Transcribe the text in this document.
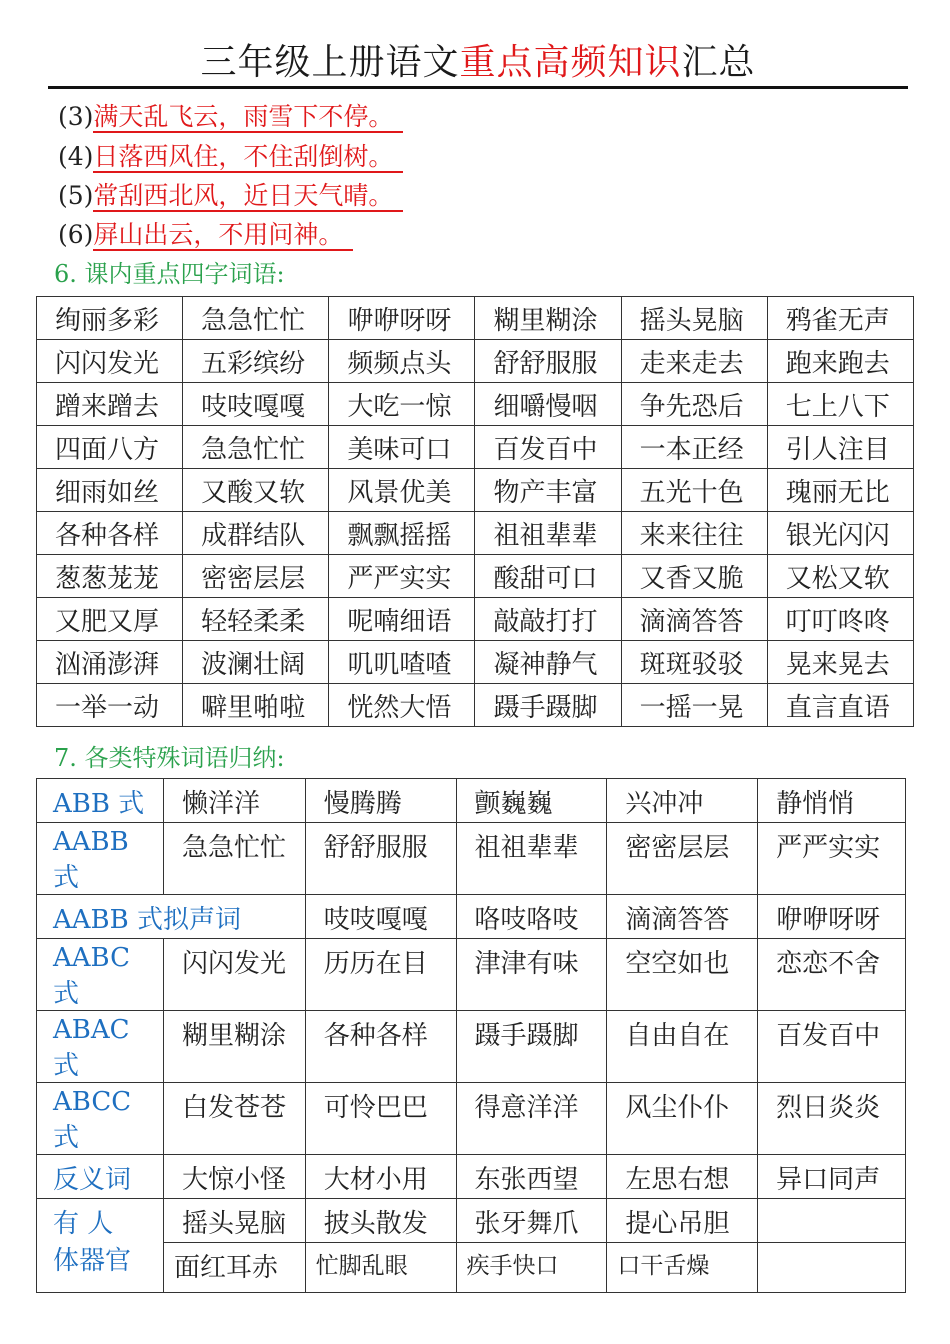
三年级上册语文重点高频知识汇总
(3)满天乱飞云，雨雪下不停。
(4)日落西风住，不住刮倒树。
(5)常刮西北风，近日天气晴。
(6)屏山出云，不用问神。
6. 课内重点四字词语:
绚丽多彩	急急忙忙	咿咿呀呀	糊里糊涂	摇头晃脑	鸦雀无声
闪闪发光	五彩缤纷	频频点头	舒舒服服	走来走去	跑来跑去
蹭来蹭去	吱吱嘎嘎	大吃一惊	细嚼慢咽	争先恐后	七上八下
四面八方	急急忙忙	美味可口	百发百中	一本正经	引人注目
细雨如丝	又酸又软	风景优美	物产丰富	五光十色	瑰丽无比
各种各样	成群结队	飘飘摇摇	祖祖辈辈	来来往往	银光闪闪
葱葱茏茏	密密层层	严严实实	酸甜可口	又香又脆	又松又软
又肥又厚	轻轻柔柔	呢喃细语	敲敲打打	滴滴答答	叮叮咚咚
汹涌澎湃	波澜壮阔	叽叽喳喳	凝神静气	斑斑驳驳	晃来晃去
一举一动	噼里啪啦	恍然大悟	蹑手蹑脚	一摇一晃	直言直语
7. 各类特殊词语归纳:
ABB 式	懒洋洋	慢腾腾	颤巍巍	兴冲冲	静悄悄
AABB 式	急急忙忙	舒舒服服	祖祖辈辈	密密层层	严严实实
AABB 式拟声词		吱吱嘎嘎	咯吱咯吱	滴滴答答	咿咿呀呀
AABC 式	闪闪发光	历历在目	津津有味	空空如也	恋恋不舍
ABAC 式	糊里糊涂	各种各样	蹑手蹑脚	自由自在	百发百中
ABCC 式	白发苍苍	可怜巴巴	得意洋洋	风尘仆仆	烈日炎炎
反义词	大惊小怪	大材小用	东张西望	左思右想	异口同声
有 人 体器官	摇头晃脑	披头散发	张牙舞爪	提心吊胆	
	面红耳赤	忙脚乱眼	疾手快口	口干舌燥	
